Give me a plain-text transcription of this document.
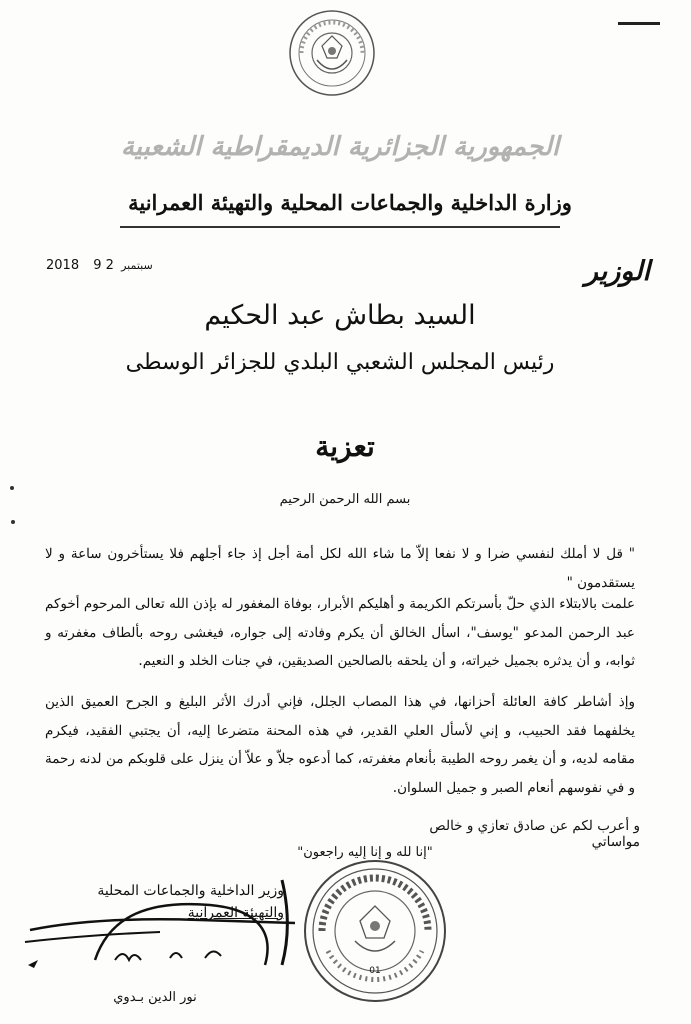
الجمهورية الجزائرية الديمقراطية الشعبية
وزارة الداخلية والجماعات المحلية والتهيئة العمرانية
2018	سبتمبر 2 9	الوزير
السيد بطاش عبد الحكيم
رئيس المجلس الشعبي البلدي للجزائر الوسطى
تعزية
بسم الله الرحمن الرحيم
" قل لا أملك لنفسي ضرا و لا نفعا إلاّ ما شاء الله لكل أمة أجل إذ جاء أجلهم فلا يستأخرون ساعة و لا يستقدمون "
علمت بالابتلاء الذي حلّ بأسرتكم الكريمة و أهليكم الأبرار، بوفاة المغفور له بإذن الله تعالى المرحوم أخوكم عبد الرحمن المدعو "يوسف"، اسأل الخالق أن يكرم وفادته إلى جواره، فيغشى روحه بألطاف مغفرته و ثوابه، و أن يدثره بجميل خيراته، و أن يلحقه بالصالحين الصديقين، في جنات الخلد و النعيم.
وإذ أشاطر كافة العائلة أحزانها، في هذا المصاب الجلل، فإني أدرك الأثر البليغ و الجرح العميق الذين يخلفهما فقد الحبيب، و إني لأسأل العلي القدير، في هذه المحنة متضرعا إليه، أن يجتبي الفقيد، فيكرم مقامه لديه، و أن يغمر روحه الطيبة بأنعام مغفرته، كما أدعوه جلاّ و علاّ أن ينزل على قلوبكم من لدنه رحمة و في نفوسهم أنعام الصبر و جميل السلوان.
و أعرب لكم عن صادق تعازي و خالص مواساتي
"إنا لله و إنا إليه راجعون"
وزير الداخلية والجماعات المحلية
والتهيئة العمرانية
01
نور الدين بـدوي
